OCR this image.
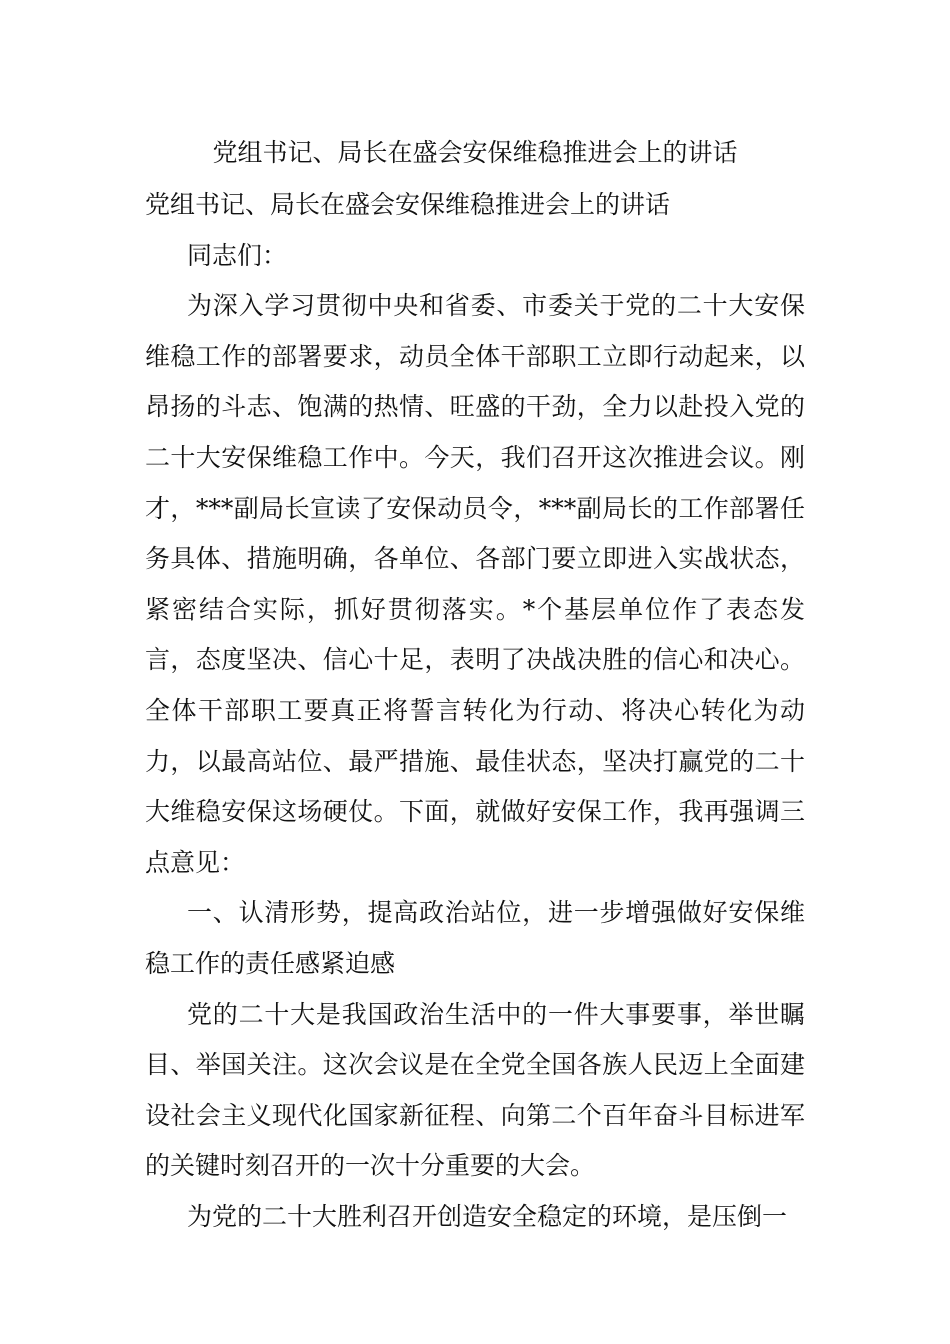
党组书记、局长在盛会安保维稳推进会上的讲话

党组书记、局长在盛会安保维稳推进会上的讲话

同志们：

为深入学习贯彻中央和省委、市委关于党的二十大安保维稳工作的部署要求，动员全体干部职工立即行动起来，以昂扬的斗志、饱满的热情、旺盛的干劲，全力以赴投入党的二十大安保维稳工作中。今天，我们召开这次推进会议。刚才，***副局长宣读了安保动员令，***副局长的工作部署任务具体、措施明确，各单位、各部门要立即进入实战状态，紧密结合实际，抓好贯彻落实。*个基层单位作了表态发言，态度坚决、信心十足，表明了决战决胜的信心和决心。全体干部职工要真正将誓言转化为行动、将决心转化为动力，以最高站位、最严措施、最佳状态，坚决打赢党的二十大维稳安保这场硬仗。下面，就做好安保工作，我再强调三点意见：

一、认清形势，提高政治站位，进一步增强做好安保维稳工作的责任感紧迫感

党的二十大是我国政治生活中的一件大事要事，举世瞩目、举国关注。这次会议是在全党全国各族人民迈上全面建设社会主义现代化国家新征程、向第二个百年奋斗目标进军的关键时刻召开的一次十分重要的大会。

为党的二十大胜利召开创造安全稳定的环境，是压倒一
